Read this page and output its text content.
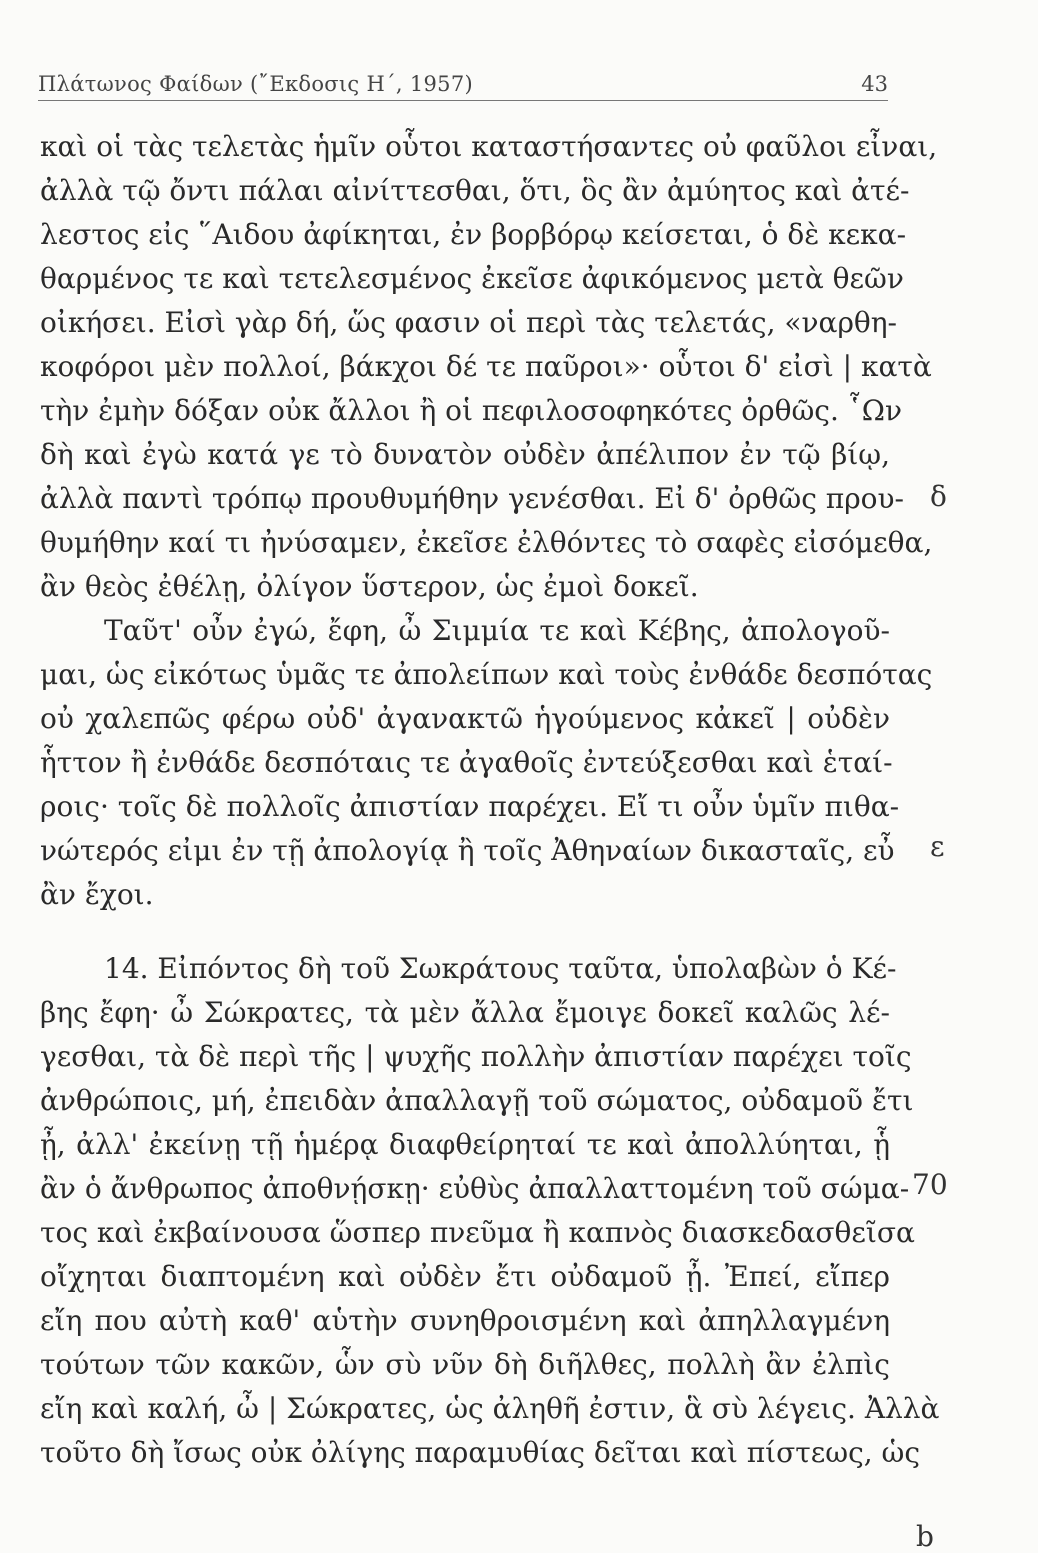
Πλάτωνος Φαίδων (῎Εκδοσις Η΄, 1957)	43
καὶ οἱ τὰς τελετὰς ἡμῖν οὗτοι καταστήσαντες οὐ φαῦλοι εἶναι,
ἀλλὰ τῷ ὄντι πάλαι αἰνίττεσθαι, ὅτι, ὃς ἂν ἀμύητος καὶ ἀτέ-
λεστος εἰς ῞Αιδου ἀφίκηται, ἐν βορβόρῳ κείσεται, ὁ δὲ κεκα-
θαρμένος τε καὶ τετελεσμένος ἐκεῖσε ἀφικόμενος μετὰ θεῶν
οἰκήσει. Εἰσὶ γὰρ δή, ὥς φασιν οἱ περὶ τὰς τελετάς, «ναρθη-
κοφόροι μὲν πολλοί, βάκχοι δέ τε παῦροι»· οὗτοι δ' εἰσὶ | κατὰ
τὴν ἐμὴν δόξαν οὐκ ἄλλοι ἢ οἱ πεφιλοσοφηκότες ὀρθῶς. ῟Ων
δὴ καὶ ἐγὼ κατά γε τὸ δυνατὸν οὐδὲν ἀπέλιπον ἐν τῷ βίῳ,
ἀλλὰ παντὶ τρόπῳ προυθυμήθην γενέσθαι. Εἰ δ' ὀρθῶς πρου-
θυμήθην καί τι ἠνύσαμεν, ἐκεῖσε ἐλθόντες τὸ σαφὲς εἰσόμεθα,
ἂν θεὸς ἐθέλῃ, ὀλίγον ὕστερον, ὡς ἐμοὶ δοκεῖ.
Ταῦτ' οὖν ἐγώ, ἔφη, ὦ Σιμμία τε καὶ Κέβης, ἀπολογοῦ-
μαι, ὡς εἰκότως ὑμᾶς τε ἀπολείπων καὶ τοὺς ἐνθάδε δεσπότας
οὐ χαλεπῶς φέρω οὐδ' ἀγανακτῶ ἡγούμενος κἀκεῖ | οὐδὲν
ἧττον ἢ ἐνθάδε δεσπόταις τε ἀγαθοῖς ἐντεύξεσθαι καὶ ἑταί-
ροις· τοῖς δὲ πολλοῖς ἀπιστίαν παρέχει. Εἴ τι οὖν ὑμῖν πιθα-
νώτερός εἰμι ἐν τῇ ἀπολογίᾳ ἢ τοῖς Ἀθηναίων δικασταῖς, εὖ
ἂν ἔχοι.
14. Εἰπόντος δὴ τοῦ Σωκράτους ταῦτα, ὑπολαβὼν ὁ Κέ-
βης ἔφη· ὦ Σώκρατες, τὰ μὲν ἄλλα ἔμοιγε δοκεῖ καλῶς λέ-
γεσθαι, τὰ δὲ περὶ τῆς | ψυχῆς πολλὴν ἀπιστίαν παρέχει τοῖς
ἀνθρώποις, μή, ἐπειδὰν ἀπαλλαγῇ τοῦ σώματος, οὐδαμοῦ ἔτι
ᾖ, ἀλλ' ἐκείνῃ τῇ ἡμέρᾳ διαφθείρηταί τε καὶ ἀπολλύηται, ᾗ
ἂν ὁ ἄνθρωπος ἀποθνῄσκῃ· εὐθὺς ἀπαλλαττομένη τοῦ σώμα-
τος καὶ ἐκβαίνουσα ὥσπερ πνεῦμα ἢ καπνὸς διασκεδασθεῖσα
οἴχηται διαπτομένη καὶ οὐδὲν ἔτι οὐδαμοῦ ᾖ. Ἐπεί, εἴπερ
εἴη που αὐτὴ καθ' αὑτὴν συνηθροισμένη καὶ ἀπηλλαγμένη
τούτων τῶν κακῶν, ὧν σὺ νῦν δὴ διῆλθες, πολλὴ ἂν ἐλπὶς
εἴη καὶ καλή, ὦ | Σώκρατες, ὡς ἀληθῆ ἐστιν, ἃ σὺ λέγεις. Ἀλλὰ
τοῦτο δὴ ἴσως οὐκ ὀλίγης παραμυθίας δεῖται καὶ πίστεως, ὡς
δ
ε
70
b
